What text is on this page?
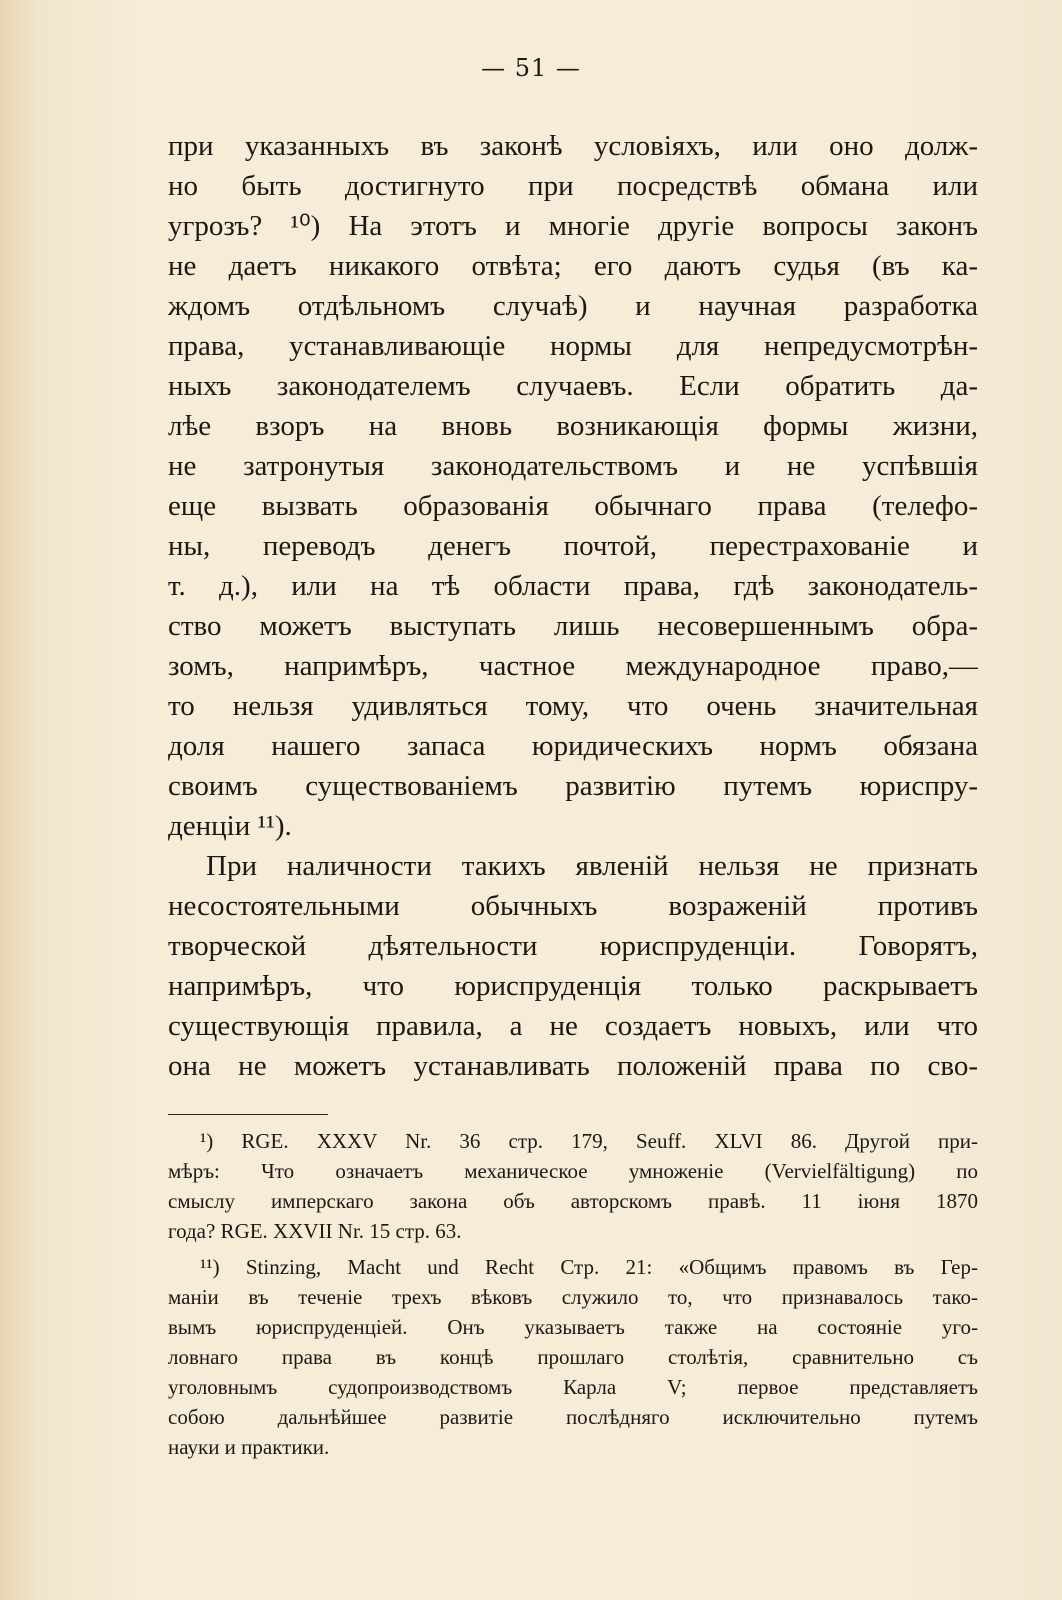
— 51 —
при указанныхъ въ законѣ условіяхъ, или оно долж-
но быть достигнуто при посредствѣ обмана или
угрозъ? ¹⁰) На этотъ и многіе другіе вопросы законъ
не даетъ никакого отвѣта; его даютъ судья (въ ка-
ждомъ отдѣльномъ случаѣ) и научная разработка
права, устанавливающіе нормы для непредусмотрѣн-
ныхъ законодателемъ случаевъ. Если обратить да-
лѣе взоръ на вновь возникающія формы жизни,
не затронутыя законодательствомъ и не успѣвшія
еще вызвать образованія обычнаго права (телефо-
ны, переводъ денегъ почтой, перестрахованіе и
т. д.), или на тѣ области права, гдѣ законодатель-
ство можетъ выступать лишь несовершеннымъ обра-
зомъ, напримѣръ, частное международное право,—
то нельзя удивляться тому, что очень значительная
доля нашего запаса юридическихъ нормъ обязана
своимъ существованіемъ развитію путемъ юриспру-
денціи ¹¹).
При наличности такихъ явленій нельзя не признать
несостоятельными обычныхъ возраженій противъ
творческой дѣятельности юриспруденціи. Говорятъ,
напримѣръ, что юриспруденція только раскрываетъ
существующія правила, а не создаетъ новыхъ, или что
она не можетъ устанавливать положеній права по сво-
¹) RGE. XXXV Nr. 36 стр. 179, Seuff. XLVI 86. Другой при-
мѣръ: Что означаетъ механическое умноженіе (Vervielfältigung) по
смыслу имперскаго закона объ авторскомъ правѣ. 11 іюня 1870
года? RGE. XXVII Nr. 15 стр. 63.
¹¹) Stinzing, Macht und Recht Стр. 21: «Общимъ правомъ въ Гер-
маніи въ теченіе трехъ вѣковъ служило то, что признавалось тако-
вымъ юриспруденціей. Онъ указываетъ также на состояніе уго-
ловнаго права въ концѣ прошлаго столѣтія, сравнительно съ
уголовнымъ судопроизводствомъ Карла V; первое представляетъ
собою дальнѣйшее развитіе послѣдняго исключительно путемъ
науки и практики.
